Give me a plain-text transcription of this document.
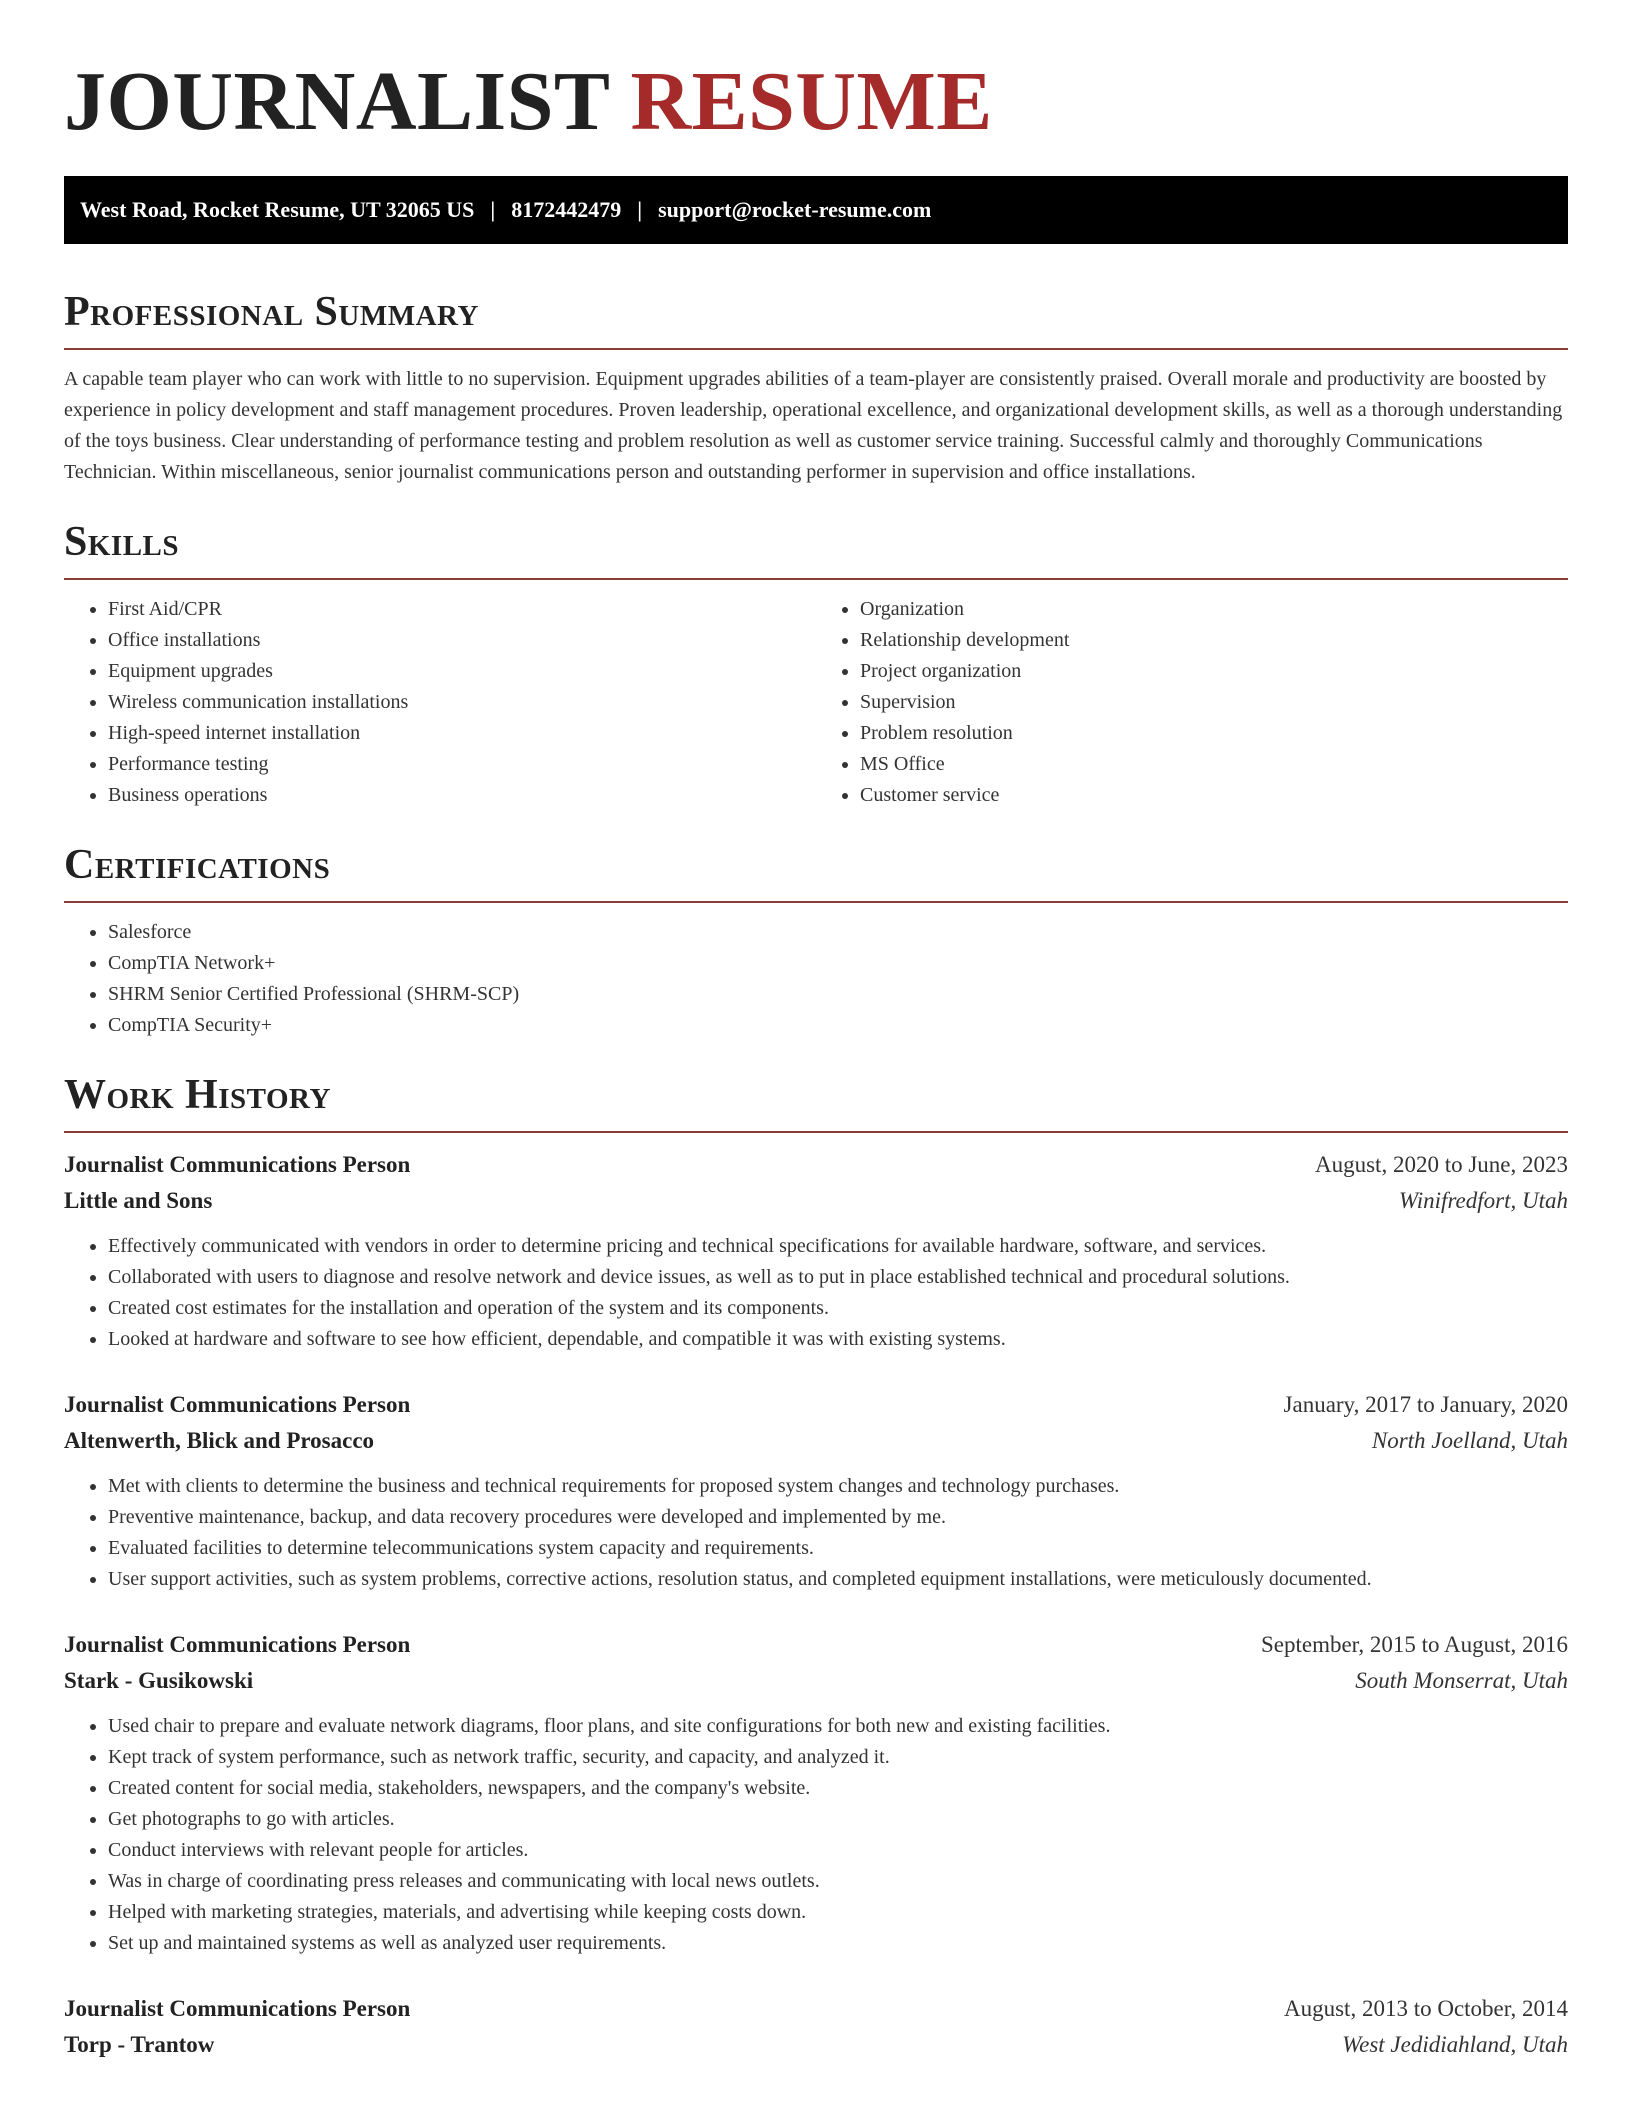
JOURNALIST RESUME
West Road, Rocket Resume, UT 32065 US | 8172442479 | support@rocket-resume.com
Professional Summary

A capable team player who can work with little to no supervision. Equipment upgrades abilities of a team-player are consistently praised. Overall morale and productivity are boosted by experience in policy development and staff management procedures. Proven leadership, operational excellence, and organizational development skills, as well as a thorough understanding of the toys business. Clear understanding of performance testing and problem resolution as well as customer service training. Successful calmly and thoroughly Communications Technician. Within miscellaneous, senior journalist communications person and outstanding performer in supervision and office installations.

Skills
• First Aid/CPR
• Office installations
• Equipment upgrades
• Wireless communication installations
• High-speed internet installation
• Performance testing
• Business operations
• Organization
• Relationship development
• Project organization
• Supervision
• Problem resolution
• MS Office
• Customer service
Certifications
• Salesforce
• CompTIA Network+
• SHRM Senior Certified Professional (SHRM-SCP)
• CompTIA Security+
Work History
Journalist Communications Person	August, 2020 to June, 2023
Little and Sons	Winifredfort, Utah
• Effectively communicated with vendors in order to determine pricing and technical specifications for available hardware, software, and services.
• Collaborated with users to diagnose and resolve network and device issues, as well as to put in place established technical and procedural solutions.
• Created cost estimates for the installation and operation of the system and its components.
• Looked at hardware and software to see how efficient, dependable, and compatible it was with existing systems.
Journalist Communications Person	January, 2017 to January, 2020
Altenwerth, Blick and Prosacco	North Joelland, Utah
• Met with clients to determine the business and technical requirements for proposed system changes and technology purchases.
• Preventive maintenance, backup, and data recovery procedures were developed and implemented by me.
• Evaluated facilities to determine telecommunications system capacity and requirements.
• User support activities, such as system problems, corrective actions, resolution status, and completed equipment installations, were meticulously documented.
Journalist Communications Person	September, 2015 to August, 2016
Stark - Gusikowski	South Monserrat, Utah
• Used chair to prepare and evaluate network diagrams, floor plans, and site configurations for both new and existing facilities.
• Kept track of system performance, such as network traffic, security, and capacity, and analyzed it.
• Created content for social media, stakeholders, newspapers, and the company's website.
• Get photographs to go with articles.
• Conduct interviews with relevant people for articles.
• Was in charge of coordinating press releases and communicating with local news outlets.
• Helped with marketing strategies, materials, and advertising while keeping costs down.
• Set up and maintained systems as well as analyzed user requirements.
Journalist Communications Person	August, 2013 to October, 2014
Torp - Trantow	West Jedidiahland, Utah
